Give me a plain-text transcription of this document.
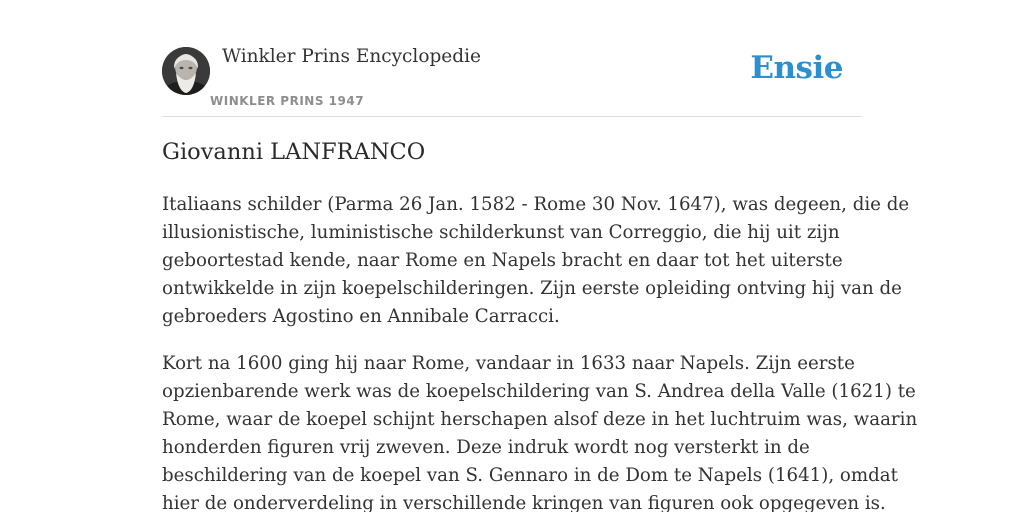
Winkler Prins Encyclopedie
WINKLER PRINS 1947
Ensie
Giovanni LANFRANCO

Italiaans schilder (Parma 26 Jan. 1582 - Rome 30 Nov. 1647), was degeen, die de
illusionistische, luministische schilderkunst van Correggio, die hij uit zijn
geboortestad kende, naar Rome en Napels bracht en daar tot het uiterste
ontwikkelde in zijn koepelschilderingen. Zijn eerste opleiding ontving hij van de
gebroeders Agostino en Annibale Carracci.

Kort na 1600 ging hij naar Rome, vandaar in 1633 naar Napels. Zijn eerste
opzienbarende werk was de koepelschildering van S. Andrea della Valle (1621) te
Rome, waar de koepel schijnt herschapen alsof deze in het luchtruim was, waarin
honderden figuren vrij zweven. Deze indruk wordt nog versterkt in de
beschildering van de koepel van S. Gennaro in de Dom te Napels (1641), omdat
hier de onderverdeling in verschillende kringen van figuren ook opgegeven is.
